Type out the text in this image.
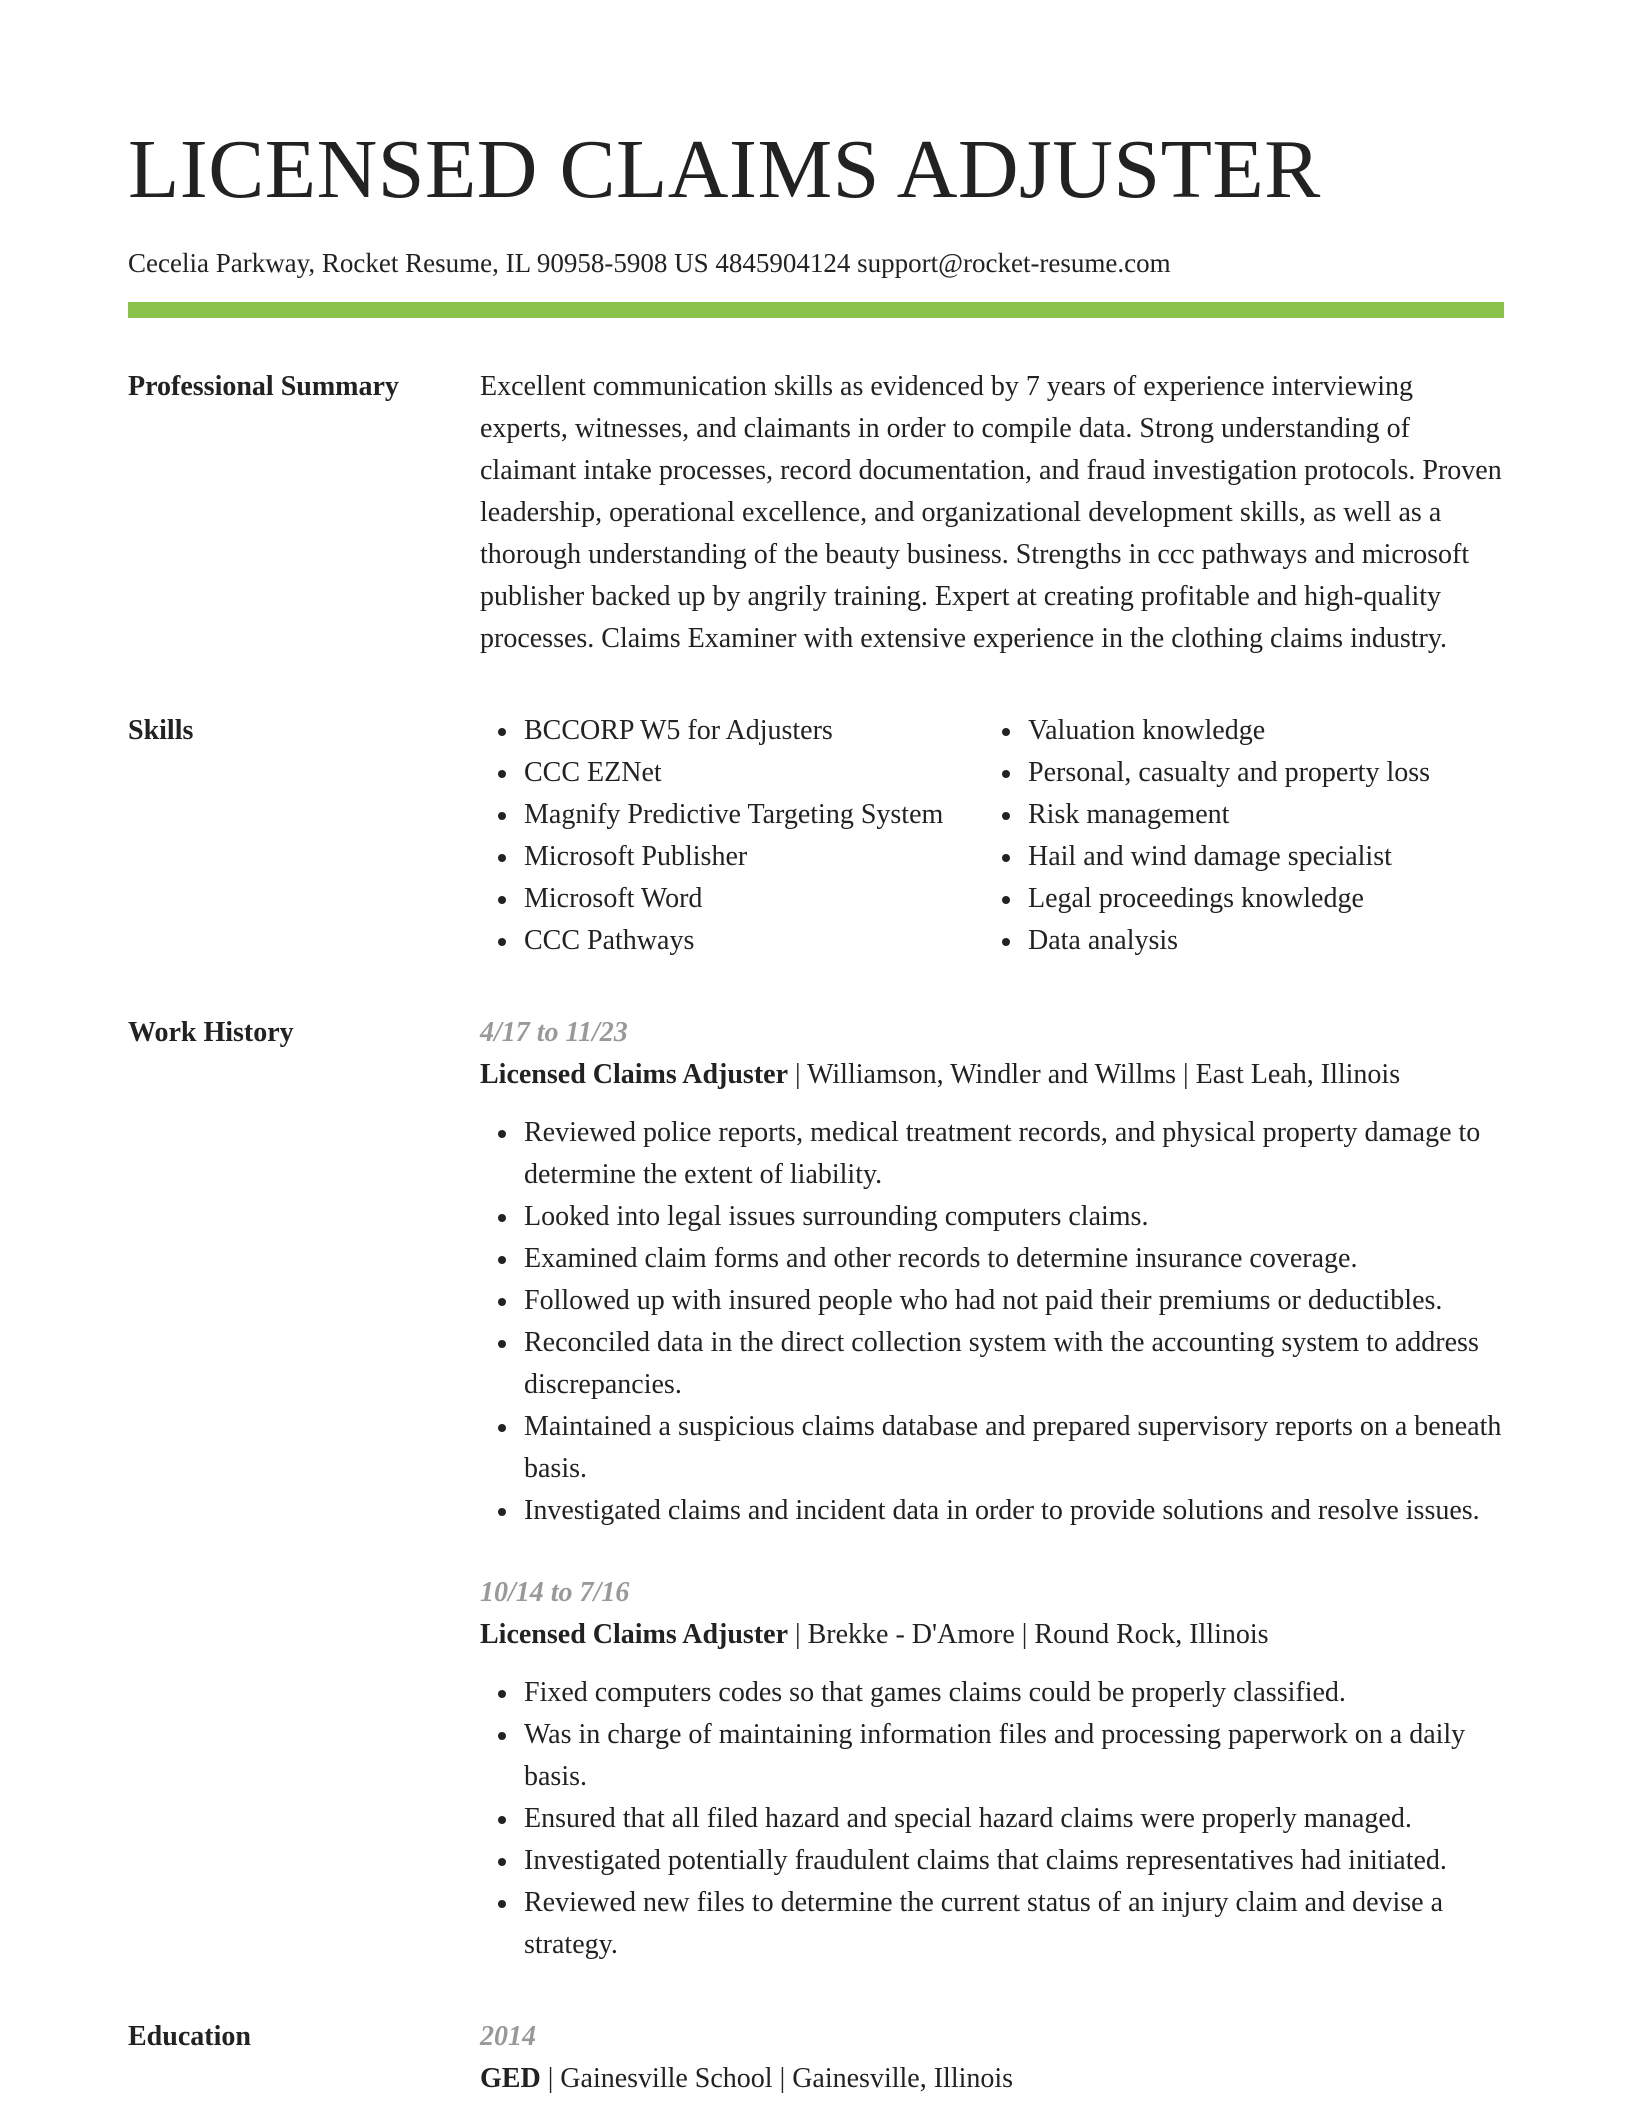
LICENSED CLAIMS ADJUSTER
Cecelia Parkway, Rocket Resume, IL 90958-5908 US 4845904124 support@rocket-resume.com
Professional Summary	Excellent communication skills as evidenced by 7 years of experience interviewing experts, witnesses, and claimants in order to compile data. Strong understanding of claimant intake processes, record documentation, and fraud investigation protocols. Proven leadership, operational excellence, and organizational development skills, as well as a thorough understanding of the beauty business. Strengths in ccc pathways and microsoft publisher backed up by angrily training. Expert at creating profitable and high-quality processes. Claims Examiner with extensive experience in the clothing claims industry.

Skills	BCCORP W5 for Adjusters
CCC EZNet
Magnify Predictive Targeting System
Microsoft Publisher
Microsoft Word
CCC Pathways
Valuation knowledge
Personal, casualty and property loss
Risk management
Hail and wind damage specialist
Legal proceedings knowledge
Data analysis
Work History	4/17 to 11/23
Licensed Claims Adjuster | Williamson, Windler and Willms | East Leah, Illinois
Reviewed police reports, medical treatment records, and physical property damage to determine the extent of liability.
Looked into legal issues surrounding computers claims.
Examined claim forms and other records to determine insurance coverage.
Followed up with insured people who had not paid their premiums or deductibles.
Reconciled data in the direct collection system with the accounting system to address discrepancies.
Maintained a suspicious claims database and prepared supervisory reports on a beneath basis.
Investigated claims and incident data in order to provide solutions and resolve issues.
10/14 to 7/16
Licensed Claims Adjuster | Brekke - D'Amore | Round Rock, Illinois
Fixed computers codes so that games claims could be properly classified.
Was in charge of maintaining information files and processing paperwork on a daily basis.
Ensured that all filed hazard and special hazard claims were properly managed.
Investigated potentially fraudulent claims that claims representatives had initiated.
Reviewed new files to determine the current status of an injury claim and devise a strategy.
Education	2014
GED | Gainesville School | Gainesville, Illinois
